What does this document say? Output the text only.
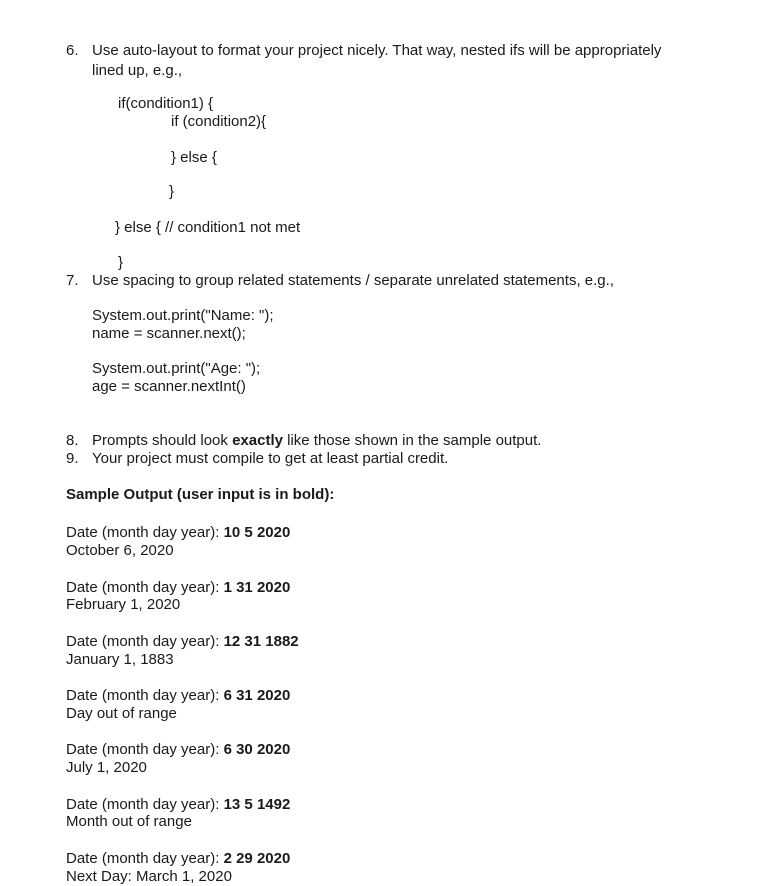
6. Use auto-layout to format your project nicely. That way, nested ifs will be appropriately
lined up, e.g.,
if(condition1) {
if (condition2){
} else {
}
} else { // condition1 not met
}
7. Use spacing to group related statements / separate unrelated statements, e.g.,
System.out.print("Name: ");
name = scanner.next();
System.out.print("Age: ");
age = scanner.nextInt()
8. Prompts should look exactly like those shown in the sample output.
9. Your project must compile to get at least partial credit.
Sample Output (user input is in bold):
Date (month day year): 10 5 2020
October 6, 2020
Date (month day year): 1 31 2020
February 1, 2020
Date (month day year): 12 31 1882
January 1, 1883
Date (month day year): 6 31 2020
Day out of range
Date (month day year): 6 30 2020
July 1, 2020
Date (month day year): 13 5 1492
Month out of range
Date (month day year): 2 29 2020
Next Day: March 1, 2020
